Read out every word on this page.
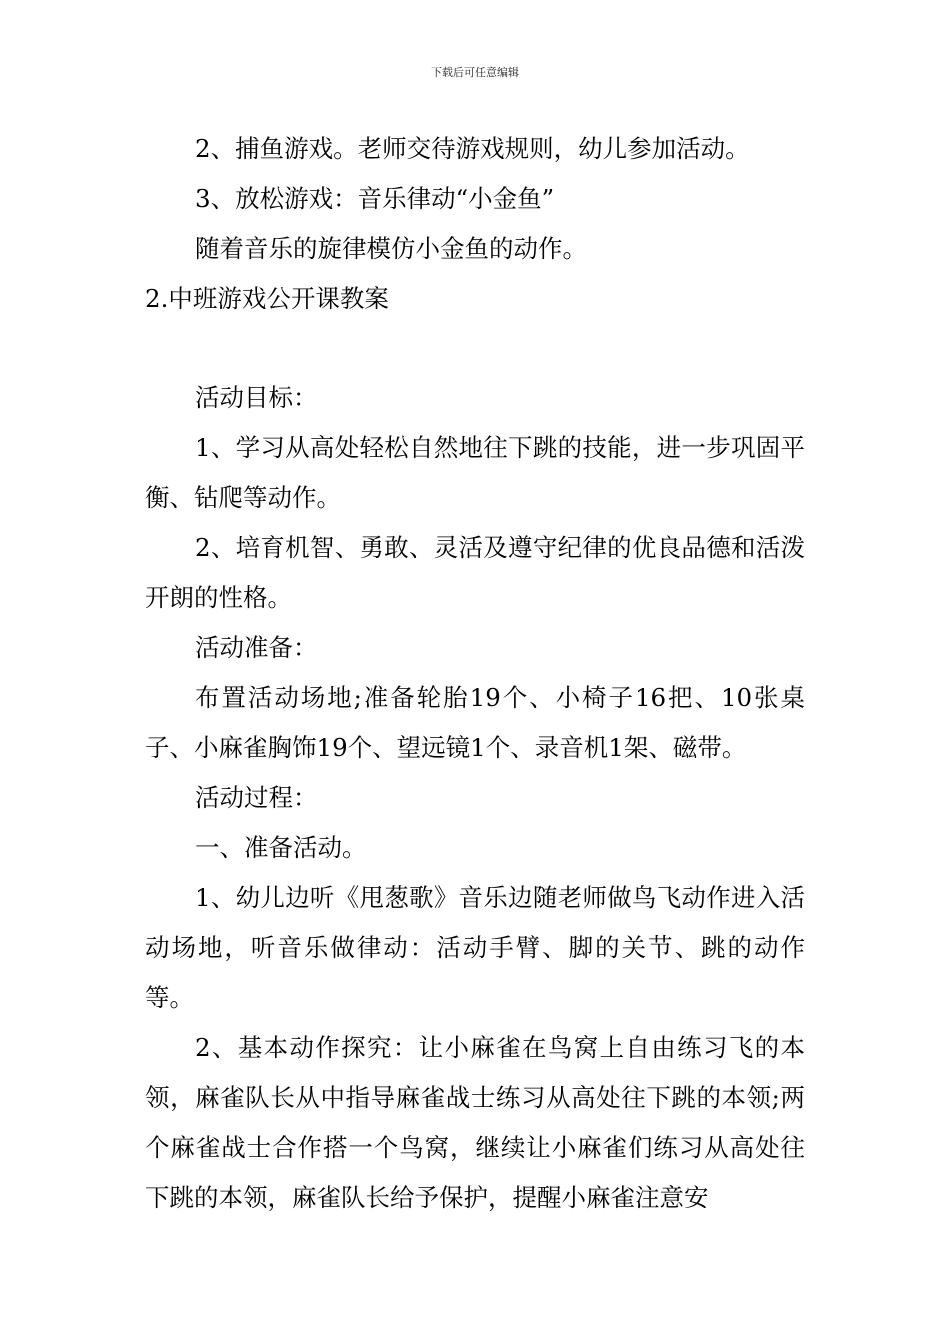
下载后可任意编辑

2、捕鱼游戏。老师交待游戏规则，幼儿参加活动。

3、放松游戏：音乐律动“小金鱼”

随着音乐的旋律模仿小金鱼的动作。

2.中班游戏公开课教案

活动目标：

1、学习从高处轻松自然地往下跳的技能，进一步巩固平衡、钻爬等动作。

2、培育机智、勇敢、灵活及遵守纪律的优良品德和活泼开朗的性格。

活动准备：

布置活动场地;准备轮胎19个、小椅子16把、10张桌子、小麻雀胸饰19个、望远镜1个、录音机1架、磁带。

活动过程：

一、准备活动。

1、幼儿边听《甩葱歌》音乐边随老师做鸟飞动作进入活动场地，听音乐做律动：活动手臂、脚的关节、跳的动作等。

2、基本动作探究：让小麻雀在鸟窝上自由练习飞的本领，麻雀队长从中指导麻雀战士练习从高处往下跳的本领;两个麻雀战士合作搭一个鸟窝，继续让小麻雀们练习从高处往下跳的本领，麻雀队长给予保护，提醒小麻雀注意安
